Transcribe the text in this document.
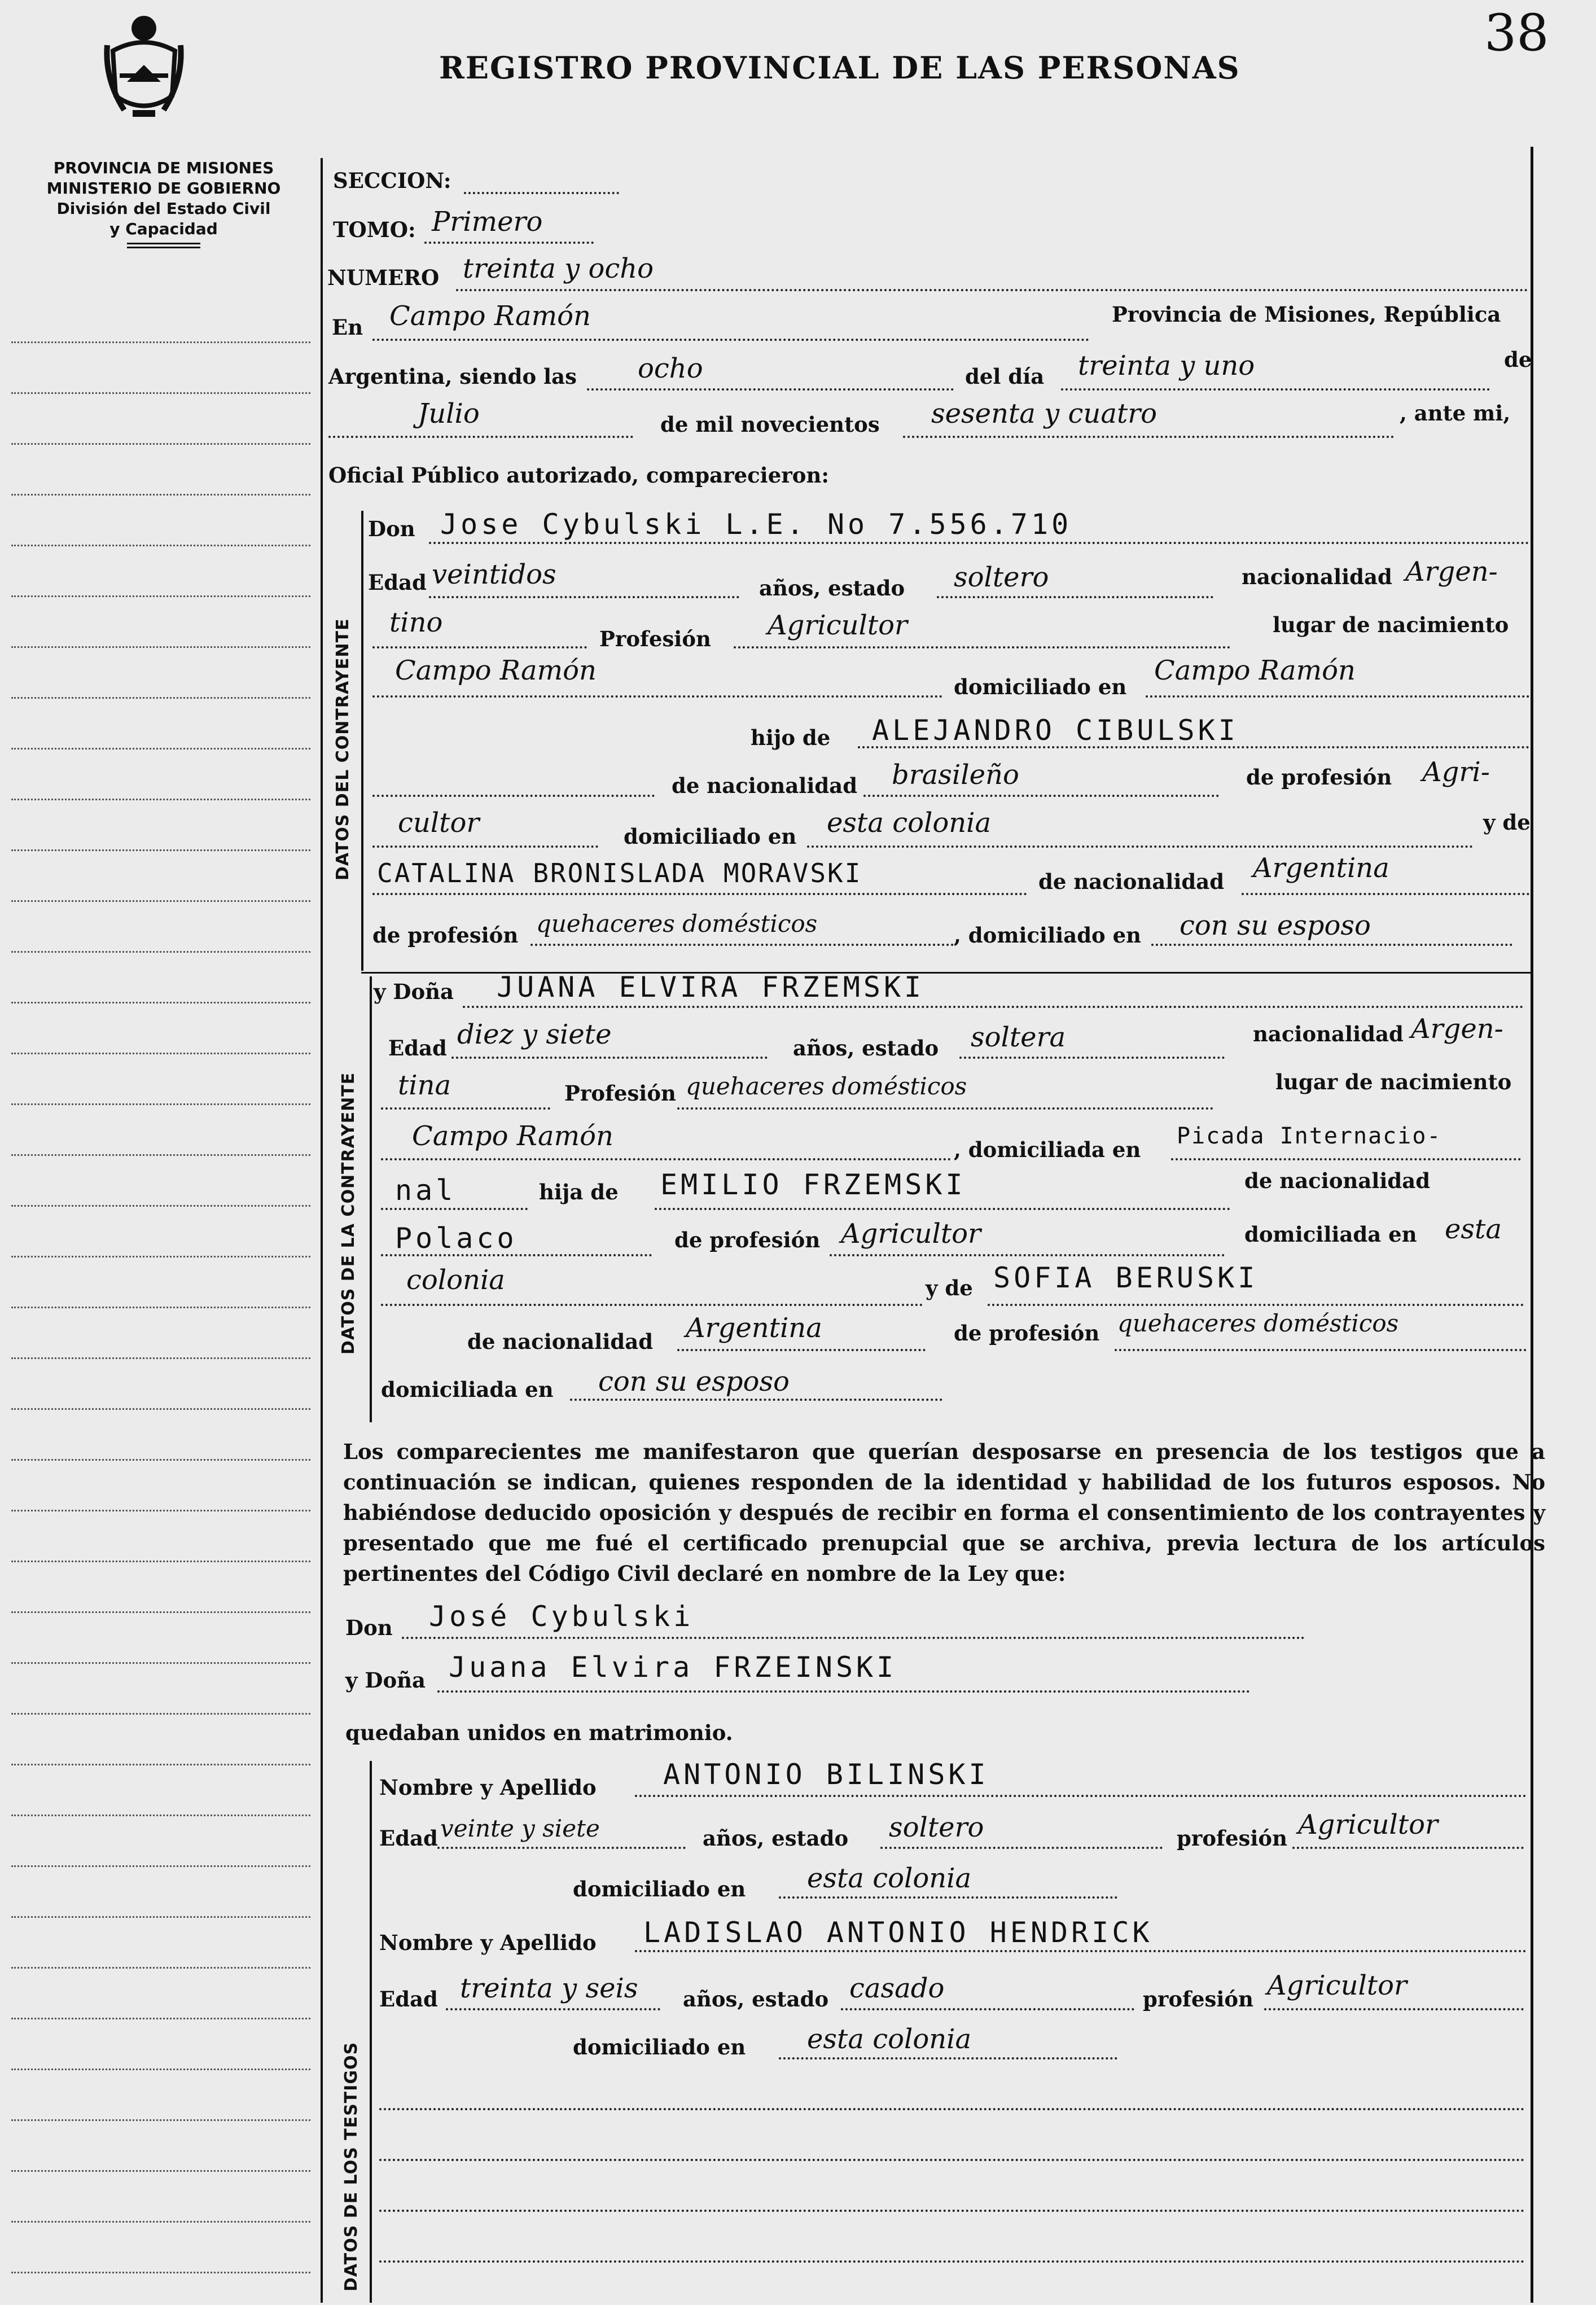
REGISTRO PROVINCIAL DE LAS PERSONAS
38
PROVINCIA DE MISIONES
MINISTERIO DE GOBIERNO
División del Estado Civil
y Capacidad
DATOS DEL CONTRAYENTE
DATOS DE LA CONTRAYENTE
DATOS DE LOS TESTIGOS
SECCION:
TOMO: Primero
NUMERO treinta y ocho
En Campo Ramón	Provincia de Misiones, República
Argentina, siendo las ocho	del día treinta y uno	de
Julio	de mil novecientos sesenta y cuatro	, ante mi,
Oficial Público autorizado, comparecieron:
Don Jose Cybulski L.E. No 7.556.710
Edad veintidos	años, estado soltero	nacionalidad Argen-
tino
Profesión Agricultor	lugar de nacimiento
Campo Ramón
domiciliado en
Campo Ramón
hijo de ALEJANDRO CIBULSKI
de nacionalidad brasileño	de profesión Agri-
cultor	domiciliado en esta colonia	y de
CATALINA BRONISLADA MORAVSKI	de nacionalidad Argentina
de profesión quehaceres domésticos	, domiciliado en con su esposo
y Doña JUANA ELVIRA FRZEMSKI
Edad diez y siete	años, estado soltera	nacionalidad Argen-
tina	Profesión quehaceres domésticos	lugar de nacimiento
Campo Ramón	, domiciliada en
Picada Internacio-
nal	hija de EMILIO FRZEMSKI	de nacionalidad
Polaco	de profesión Agricultor	domiciliada en esta
colonia	y de SOFIA BERUSKI
de nacionalidad Argentina	de profesión quehaceres domésticos
domiciliada en con su esposo
Los comparecientes me manifestaron que querían desposarse en presencia de los testigos que a continuación se indican, quienes responden de la identidad y habilidad de los futuros esposos. No habiéndose deducido oposición y después de recibir en forma el consentimiento de los contrayentes y presentado que me fué el certificado prenupcial que se archiva, previa lectura de los artículos pertinentes del Código Civil declaré en nombre de la Ley que:
Don José Cybulski
y Doña Juana Elvira FRZEINSKI
quedaban unidos en matrimonio.
Nombre y Apellido ANTONIO BILINSKI
Edad veinte y siete	años, estado soltero	profesión Agricultor
domiciliado en esta colonia
Nombre y Apellido LADISLAO ANTONIO HENDRICK
Edad treinta y seis años, estado casado	profesión Agricultor
domiciliado en esta colonia
